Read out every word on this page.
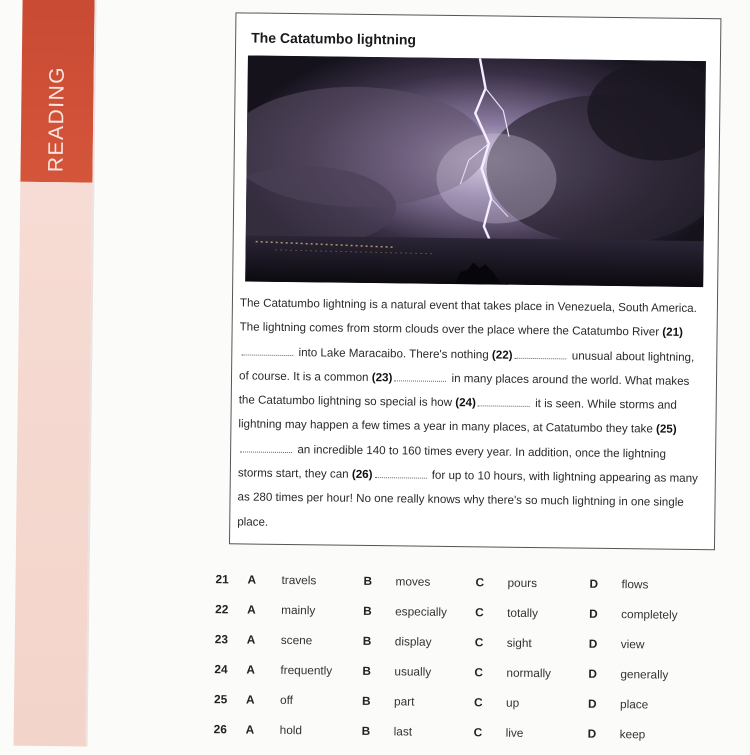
READING
The Catatumbo lightning
The Catatumbo lightning is a natural event that takes place in Venezuela, South America. The lightning comes from storm clouds over the place where the Catatumbo River (21) into Lake Maracaibo. There's nothing (22)	unusual about lightning, of course. It is a common (23)	in many places around the world. What makes the Catatumbo lightning so special is how (24)	it is seen. While storms and lightning may happen a few times a year in many places, at Catatumbo they take (25) an incredible 140 to 160 times every year. In addition, once the lightning storms start, they can (26)	for up to 10 hours, with lightning appearing as many as 280 times per hour! No one really knows why there's so much lightning in one single place.
21 A travels	B moves	C pours	D flows
22 A mainly	B especially C totally	D completely
23 A scene	B display	C sight	D view
24 A frequently	B usually	C normally	D generally
25 A off	B part	C up	D place
26 A hold	B last	C live	D keep
